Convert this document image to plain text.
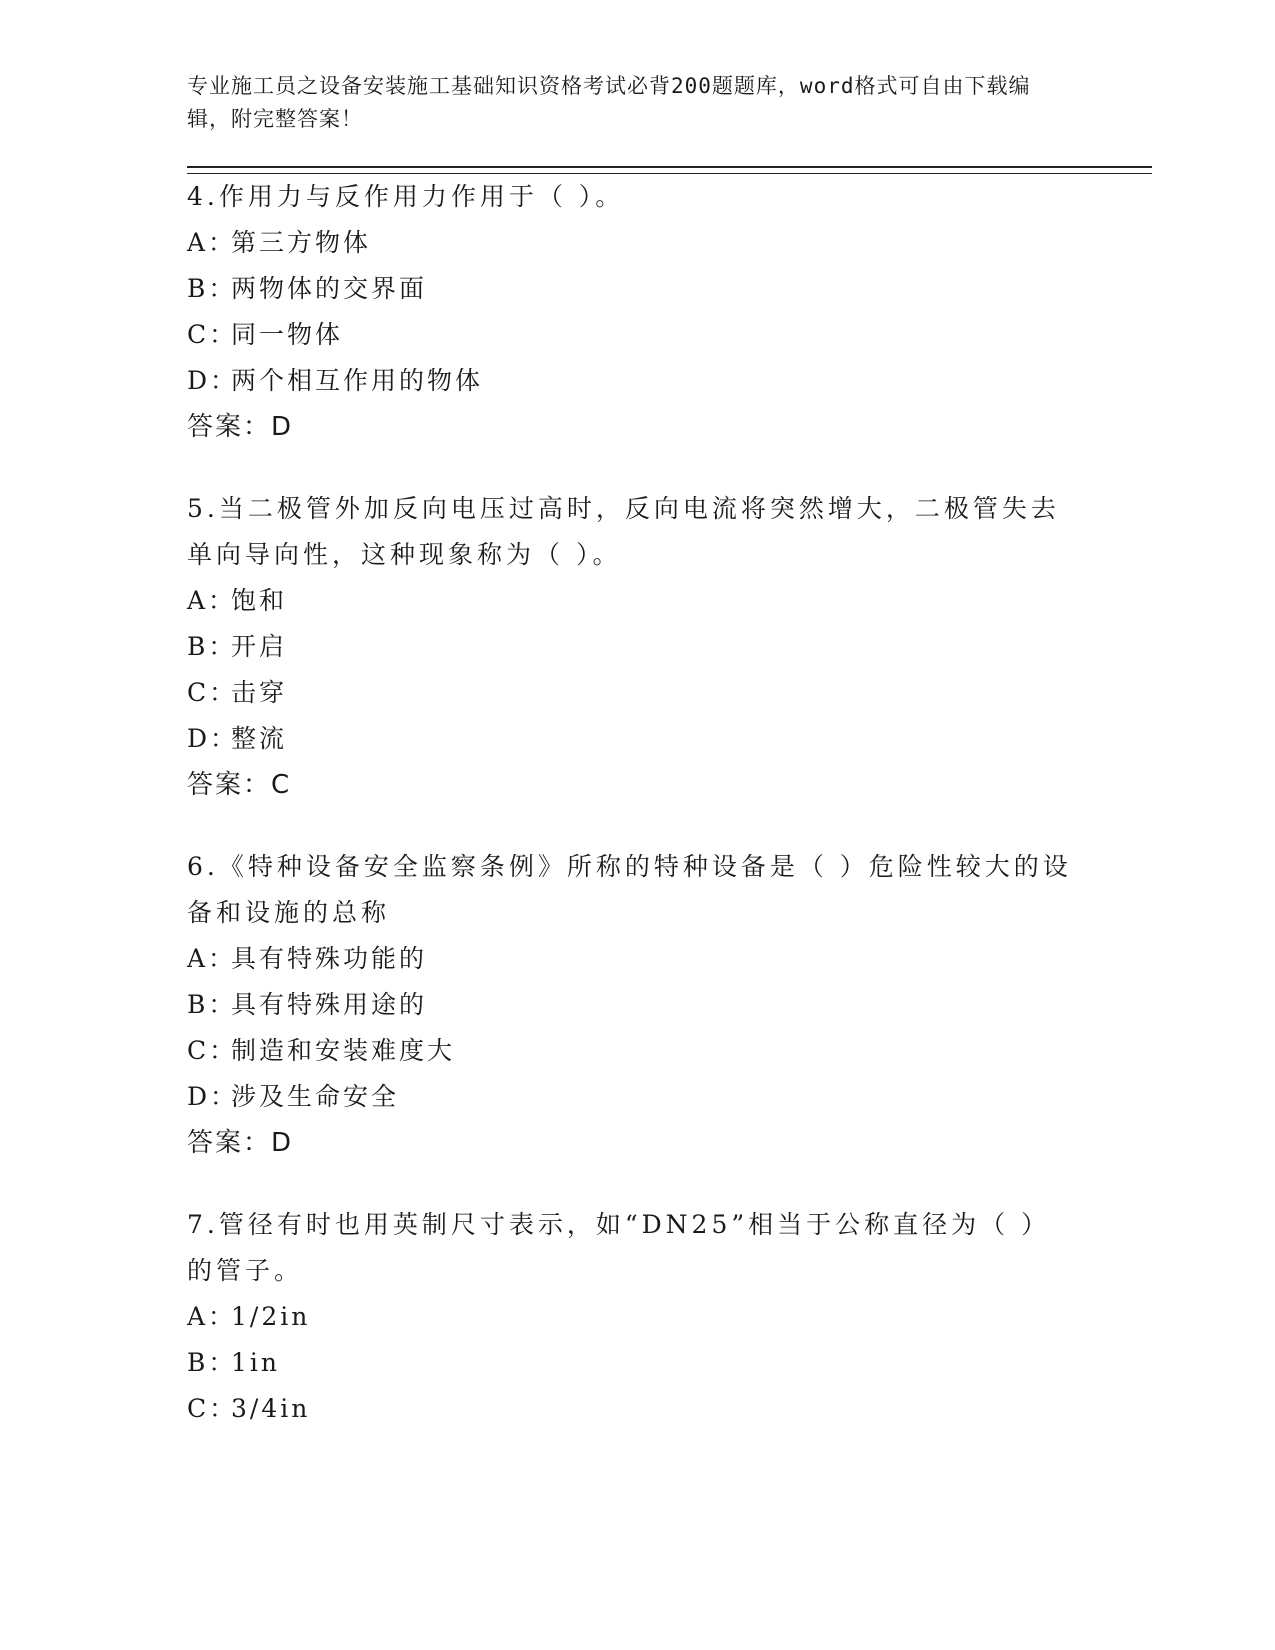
专业施工员之设备安装施工基础知识资格考试必背200题题库，word格式可自由下载编辑，附完整答案！

4.作用力与反作用力作用于（ ）。

A：第三方物体

B：两物体的交界面

C：同一物体

D：两个相互作用的物体

答案：D

5.当二极管外加反向电压过高时，反向电流将突然增大，二极管失去单向导向性，这种现象称为（ ）。

A：饱和

B：开启

C：击穿

D：整流

答案：C

6.《特种设备安全监察条例》所称的特种设备是（ ）危险性较大的设备和设施的总称

A：具有特殊功能的

B：具有特殊用途的

C：制造和安装难度大

D：涉及生命安全

答案：D

7.管径有时也用英制尺寸表示，如“DN25”相当于公称直径为（ ）的管子。

A：1/2in

B：1in

C：3/4in
